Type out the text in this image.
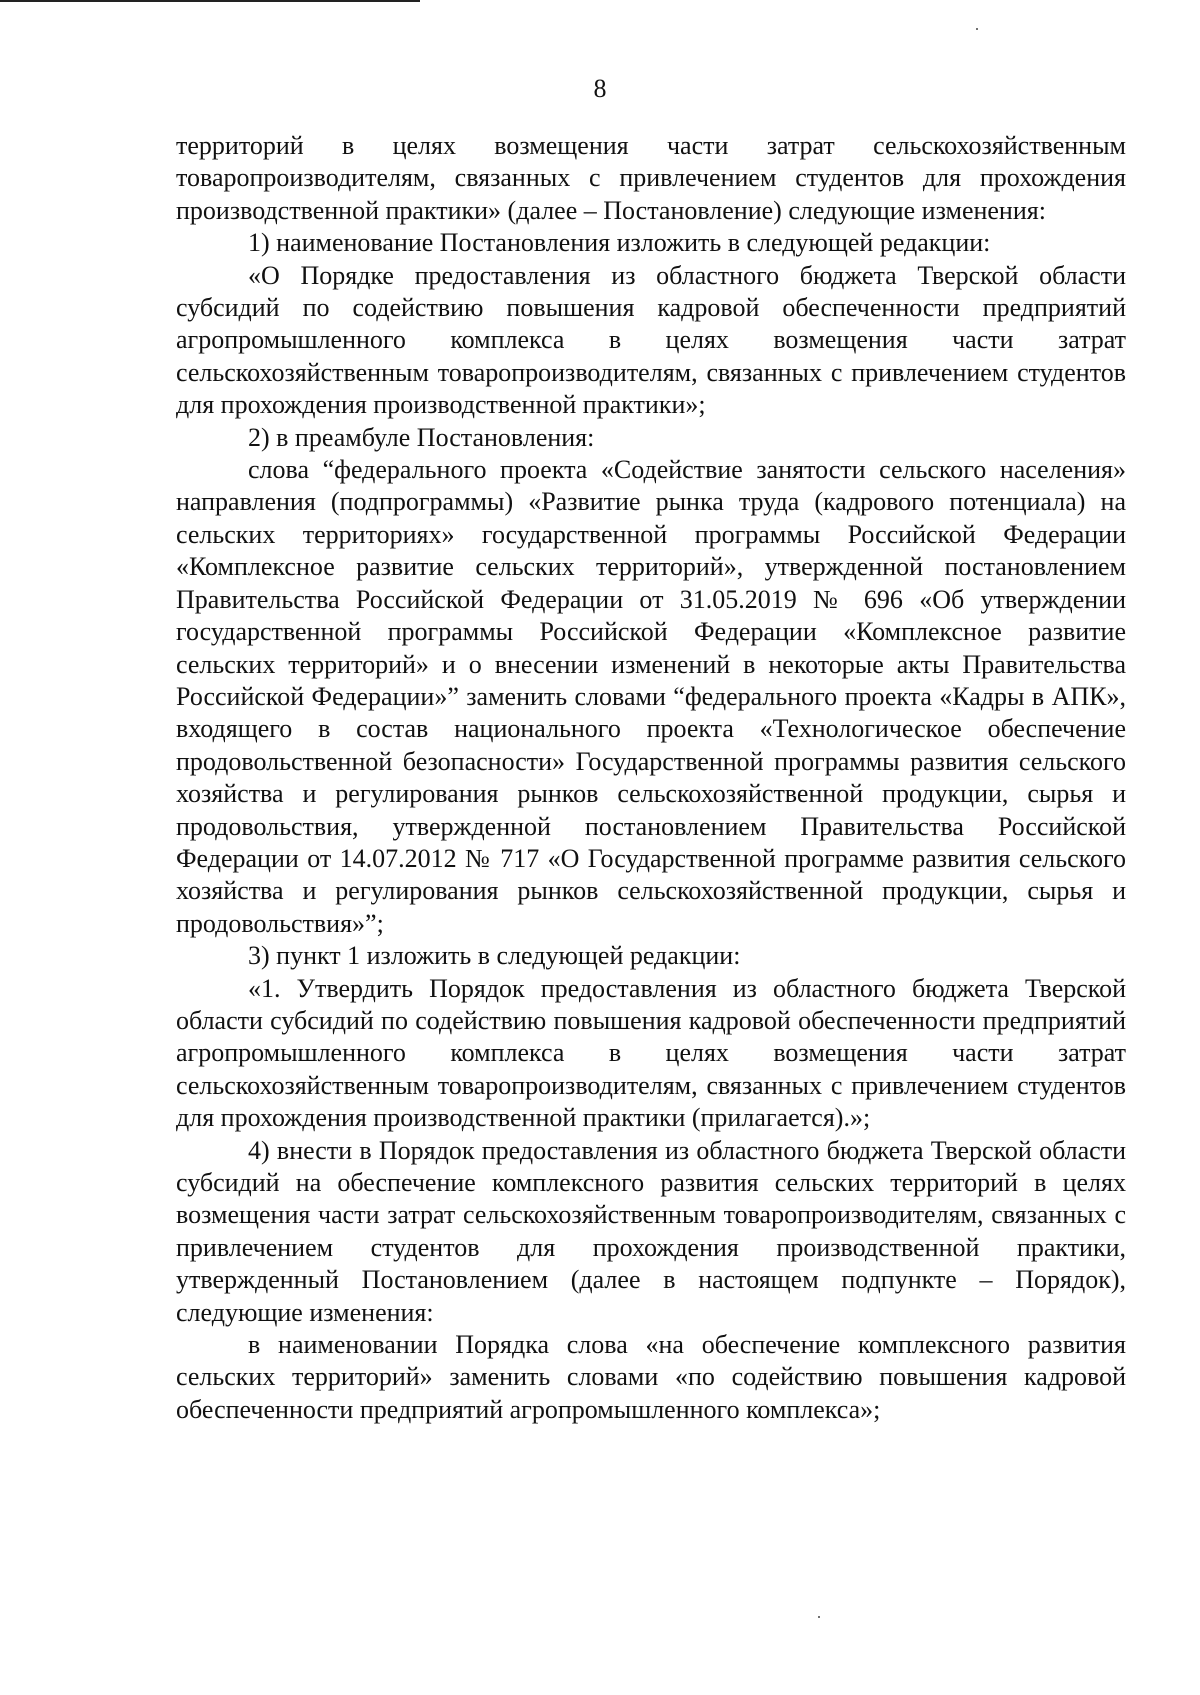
8

территорий в целях возмещения части затрат сельскохозяйственным товаропроизводителям, связанных с привлечением студентов для прохождения производственной практики» (далее – Постановление) следующие изменения:

1) наименование Постановления изложить в следующей редакции:

«О Порядке предоставления из областного бюджета Тверской области субсидий по содействию повышения кадровой обеспеченности предприятий агропромышленного комплекса в целях возмещения части затрат сельскохозяйственным товаропроизводителям, связанных с привлечением студентов для прохождения производственной практики»;

2) в преамбуле Постановления:

слова “федерального проекта «Содействие занятости сельского населения» направления (подпрограммы) «Развитие рынка труда (кадрового потенциала) на сельских территориях» государственной программы Российской Федерации «Комплексное развитие сельских территорий», утвержденной постановлением Правительства Российской Федерации от 31.05.2019 № 696 «Об утверждении государственной программы Российской Федерации «Комплексное развитие сельских территорий» и о внесении изменений в некоторые акты Правительства Российской Федерации»” заменить словами “федерального проекта «Кадры в АПК», входящего в состав национального проекта «Технологическое обеспечение продовольственной безопасности» Государственной программы развития сельского хозяйства и регулирования рынков сельскохозяйственной продукции, сырья и продовольствия, утвержденной постановлением Правительства Российской Федерации от 14.07.2012 № 717 «О Государственной программе развития сельского хозяйства и регулирования рынков сельскохозяйственной продукции, сырья и продовольствия»”;

3) пункт 1 изложить в следующей редакции:

«1. Утвердить Порядок предоставления из областного бюджета Тверской области субсидий по содействию повышения кадровой обеспеченности предприятий агропромышленного комплекса в целях возмещения части затрат сельскохозяйственным товаропроизводителям, связанных с привлечением студентов для прохождения производственной практики (прилагается).»;

4) внести в Порядок предоставления из областного бюджета Тверской области субсидий на обеспечение комплексного развития сельских территорий в целях возмещения части затрат сельскохозяйственным товаропроизводителям, связанных с привлечением студентов для прохождения производственной практики, утвержденный Постановлением (далее в настоящем подпункте – Порядок), следующие изменения:

в наименовании Порядка слова «на обеспечение комплексного развития сельских территорий» заменить словами «по содействию повышения кадровой обеспеченности предприятий агропромышленного комплекса»;
